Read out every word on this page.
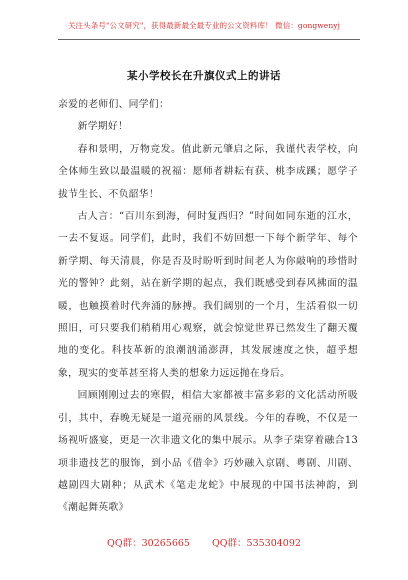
关注头条号"公文研究"，获得最新最全最专业的公文资料库！ 微信：gongwenyj
某小学校长在升旗仪式上的讲话

亲爱的老师们、同学们：

新学期好！

春和景明，万物竞发。值此新元肇启之际，我谨代表学校，向全体师生致以最温暖的祝福：愿师者耕耘有获、桃李成蹊；愿学子拔节生长、不负韶华！

古人言：“百川东到海，何时复西归？”时间如同东逝的江水，一去不复返。同学们，此时，我们不妨回想一下每个新学年、每个新学期、每天清晨，你是否及时盼听到时间老人为你敲响的珍惜时光的警钟？此刻，站在新学期的起点，我们既感受到春风拂面的温暖，也触摸着时代奔涌的脉搏。我们阔别的一个月，生活看似一切照旧，可只要我们稍稍用心观察，就会惊觉世界已然发生了翻天覆地的变化。科技革新的浪潮汹涌澎湃，其发展速度之快，超乎想象，现实的变革甚至将人类的想象力远远抛在身后。

回顾刚刚过去的寒假，相信大家都被丰富多彩的文化活动所吸引，其中，春晚无疑是一道亮丽的风景线。今年的春晚，不仅是一场视听盛宴，更是一次非遗文化的集中展示。从李子柒穿着融合13项非遗技艺的服饰，到小品《借伞》巧妙融入京剧、粤剧、川剧、越剧四大剧种；从武术《笔走龙蛇》中展现的中国书法神韵，到《潮起舞英歌》

QQ群：30265665 QQ群：535304092
